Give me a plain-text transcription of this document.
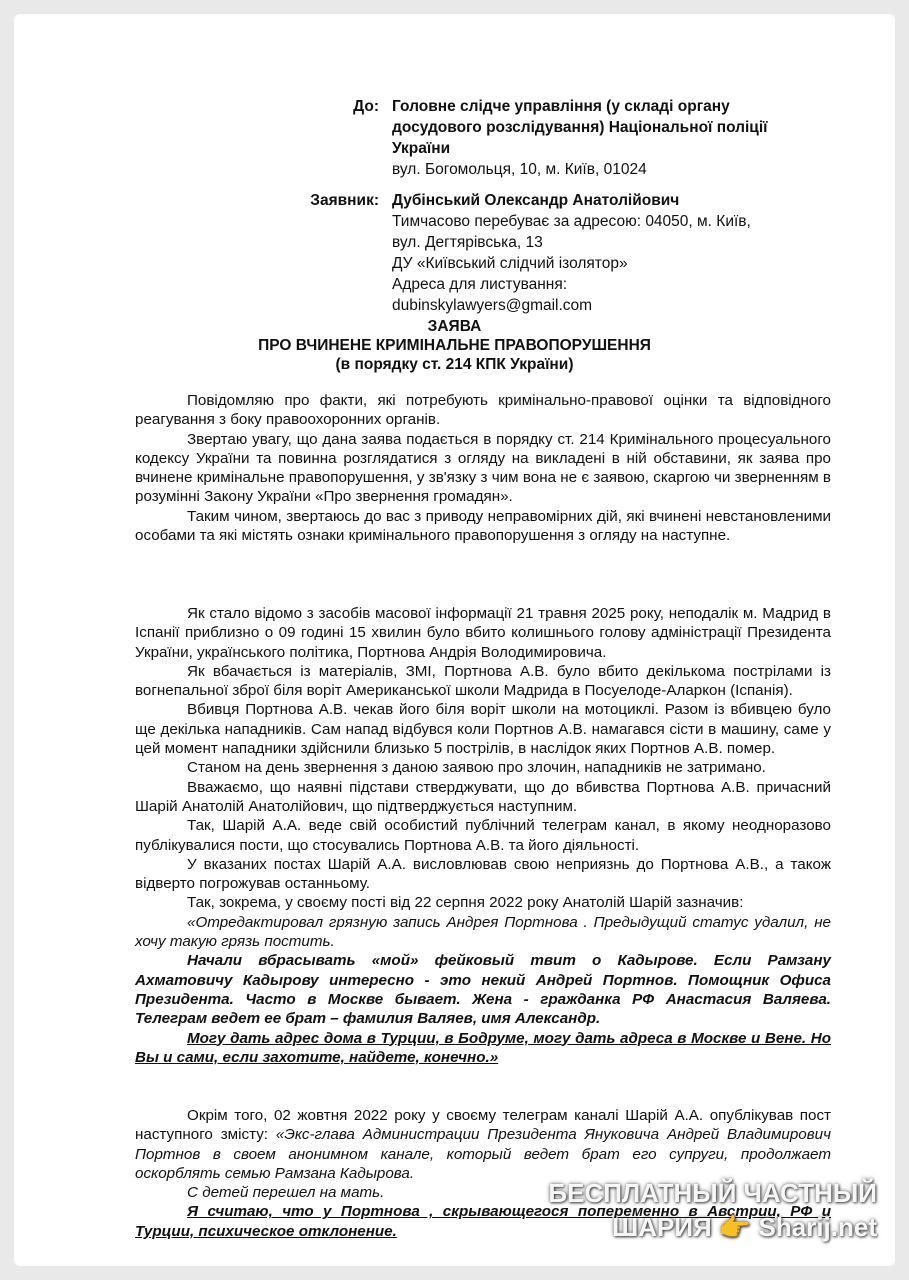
До: Головне слідче управління (у складі органу
досудового розслідування) Національної поліції
України
вул. Богомольця, 10, м. Київ, 01024
Заявник: Дубінський Олександр Анатолійович
Тимчасово перебуває за адресою: 04050, м. Київ,
вул. Дегтярівська, 13
ДУ «Київський слідчий ізолятор»
Адреса для листування:
dubinskylawyers@gmail.com
ЗАЯВА
ПРО ВЧИНЕНЕ КРИМІНАЛЬНЕ ПРАВОПОРУШЕННЯ
(в порядку ст. 214 КПК України)

Повідомляю про факти, які потребують кримінально-правової оцінки та відповідного реагування з боку правоохоронних органів.

Звертаю увагу, що дана заява подається в порядку ст. 214 Кримінального процесуального кодексу України та повинна розглядатися з огляду на викладені в ній обставини, як заява про вчинене кримінальне правопорушення, у зв'язку з чим вона не є заявою, скаргою чи зверненням в розумінні Закону України «Про звернення громадян».

Таким чином, звертаюсь до вас з приводу неправомірних дій, які вчинені невстановленими особами та які містять ознаки кримінального правопорушення з огляду на наступне.

Як стало відомо з засобів масової інформації 21 травня 2025 року, неподалік м. Мадрид в Іспанії приблизно о 09 годині 15 хвилин було вбито колишнього голову адміністрації Президента України, українського політика, Портнова Андрія Володимировича.

Як вбачається із матеріалів, ЗМІ, Портнова А.В. було вбито декількома пострілами із вогнепальної зброї біля воріт Американської школи Мадрида в Посуелодe-Аларкон (Іспанія).

Вбивця Портнова А.В. чекав його біля воріт школи на мотоциклі. Разом із вбивцею було ще декілька нападників. Сам напад відбувся коли Портнов А.В. намагався сісти в машину, саме у цей момент нападники здійснили близько 5 пострілів, в наслідок яких Портнов А.В. помер.

Станом на день звернення з даною заявою про злочин, нападників не затримано.

Вважаємо, що наявні підстави стверджувати, що до вбивства Портнова А.В. причасний Шарій Анатолій Анатолійович, що підтверджується наступним.

Так, Шарій А.А. веде свій особистий публічний телеграм канал, в якому неодноразово публікувалися пости, що стосувались Портнова А.В. та його діяльності.

У вказаних постах Шарій А.А. висловлював свою неприязнь до Портнова А.В., а також відверто погрожував останньому.

Так, зокрема, у своєму пості від 22 серпня 2022 року Анатолій Шарій зазначив:

«Отредактировал грязную запись Андрея Портнова . Предыдущий статус удалил, не хочу такую грязь постить.

Начали вбрасывать «мой» фейковый твит о Кадырове. Если Рамзану Ахматовичу Кадырову интересно - это некий Андрей Портнов. Помощник Офиса Президента. Часто в Москве бывает. Жена - гражданка РФ Анастасия Валяева. Телеграм ведет ее брат – фамилия Валяев, имя Александр.

Могу дать адрес дома в Турции, в Бодруме, могу дать адреса в Москве и Вене. Но Вы и сами, если захотите, найдете, конечно.»

Окрім того, 02 жовтня 2022 року у своєму телеграм каналі Шарій А.А. опублікував пост наступного змісту: «Экс-глава Администрации Президента Януковича Андрей Владимирович Портнов в своем анонимном канале, который ведет брат его супруги, продолжает оскорблять семью Рамзана Кадырова.

С детей перешел на мать.

Я считаю, что у Портнова , скрывающегося попеременно в Австрии, РФ и Турции, психическое отклонение.

БЕСПЛАТНЫЙ ЧАСТНЫЙ
ШАРИЯ 👉 Sharij.net
